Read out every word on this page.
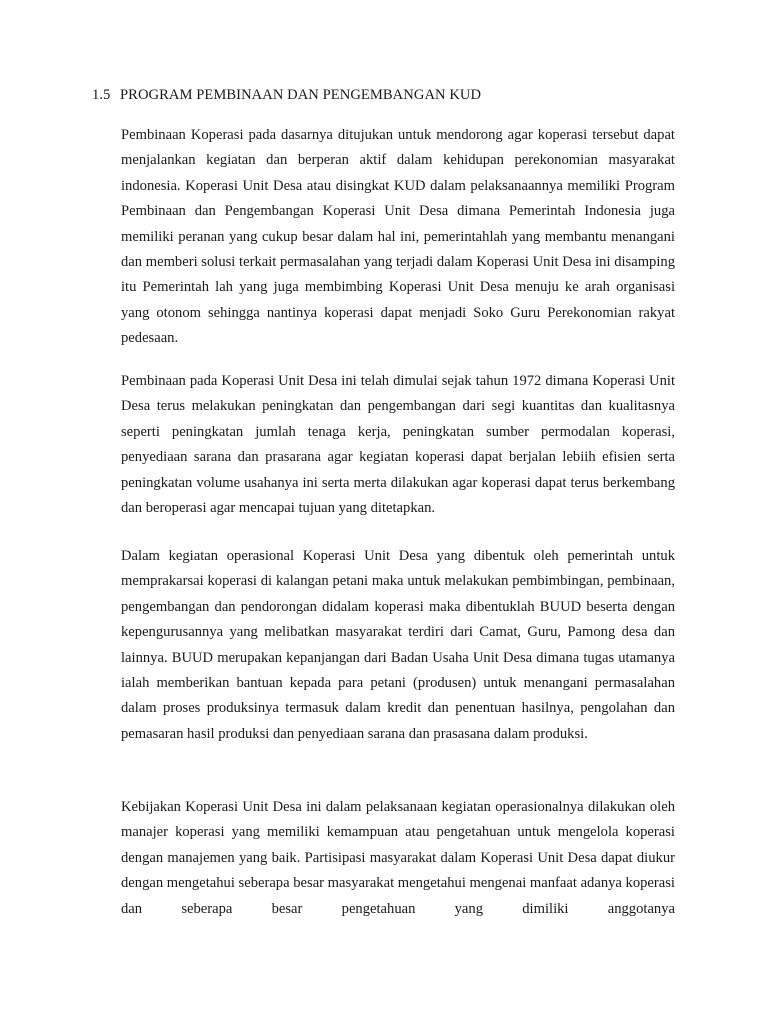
1.5 PROGRAM PEMBINAAN DAN PENGEMBANGAN KUD

Pembinaan Koperasi pada dasarnya ditujukan untuk mendorong agar koperasi tersebut dapat menjalankan kegiatan dan berperan aktif dalam kehidupan perekonomian masyarakat indonesia. Koperasi Unit Desa atau disingkat KUD dalam pelaksanaannya memiliki Program Pembinaan dan Pengembangan Koperasi Unit Desa dimana Pemerintah Indonesia juga memiliki peranan yang cukup besar dalam hal ini, pemerintahlah yang membantu menangani dan memberi solusi terkait permasalahan yang terjadi dalam Koperasi Unit Desa ini disamping itu Pemerintah lah yang juga membimbing Koperasi Unit Desa menuju ke arah organisasi yang otonom sehingga nantinya koperasi dapat menjadi Soko Guru Perekonomian rakyat pedesaan.

Pembinaan pada Koperasi Unit Desa ini telah dimulai sejak tahun 1972 dimana Koperasi Unit Desa terus melakukan peningkatan dan pengembangan dari segi kuantitas dan kualitasnya seperti peningkatan jumlah tenaga kerja, peningkatan sumber permodalan koperasi, penyediaan sarana dan prasarana agar kegiatan koperasi dapat berjalan lebiih efisien serta peningkatan volume usahanya ini serta merta dilakukan agar koperasi dapat terus berkembang dan beroperasi agar mencapai tujuan yang ditetapkan.

Dalam kegiatan operasional Koperasi Unit Desa yang dibentuk oleh pemerintah untuk memprakarsai koperasi di kalangan petani maka untuk melakukan pembimbingan, pembinaan, pengembangan dan pendorongan didalam koperasi maka dibentuklah BUUD beserta dengan kepengurusannya yang melibatkan masyarakat terdiri dari Camat, Guru, Pamong desa dan lainnya. BUUD merupakan kepanjangan dari Badan Usaha Unit Desa dimana tugas utamanya ialah memberikan bantuan kepada para petani (produsen) untuk menangani permasalahan dalam proses produksinya termasuk dalam kredit dan penentuan hasilnya, pengolahan dan pemasaran hasil produksi dan penyediaan sarana dan prasasana dalam produksi.

Kebijakan Koperasi Unit Desa ini dalam pelaksanaan kegiatan operasionalnya dilakukan oleh manajer koperasi yang memiliki kemampuan atau pengetahuan untuk mengelola koperasi dengan manajemen yang baik. Partisipasi masyarakat dalam Koperasi Unit Desa dapat diukur dengan mengetahui seberapa besar masyarakat mengetahui mengenai manfaat adanya koperasi dan seberapa besar pengetahuan yang dimiliki anggotanya
